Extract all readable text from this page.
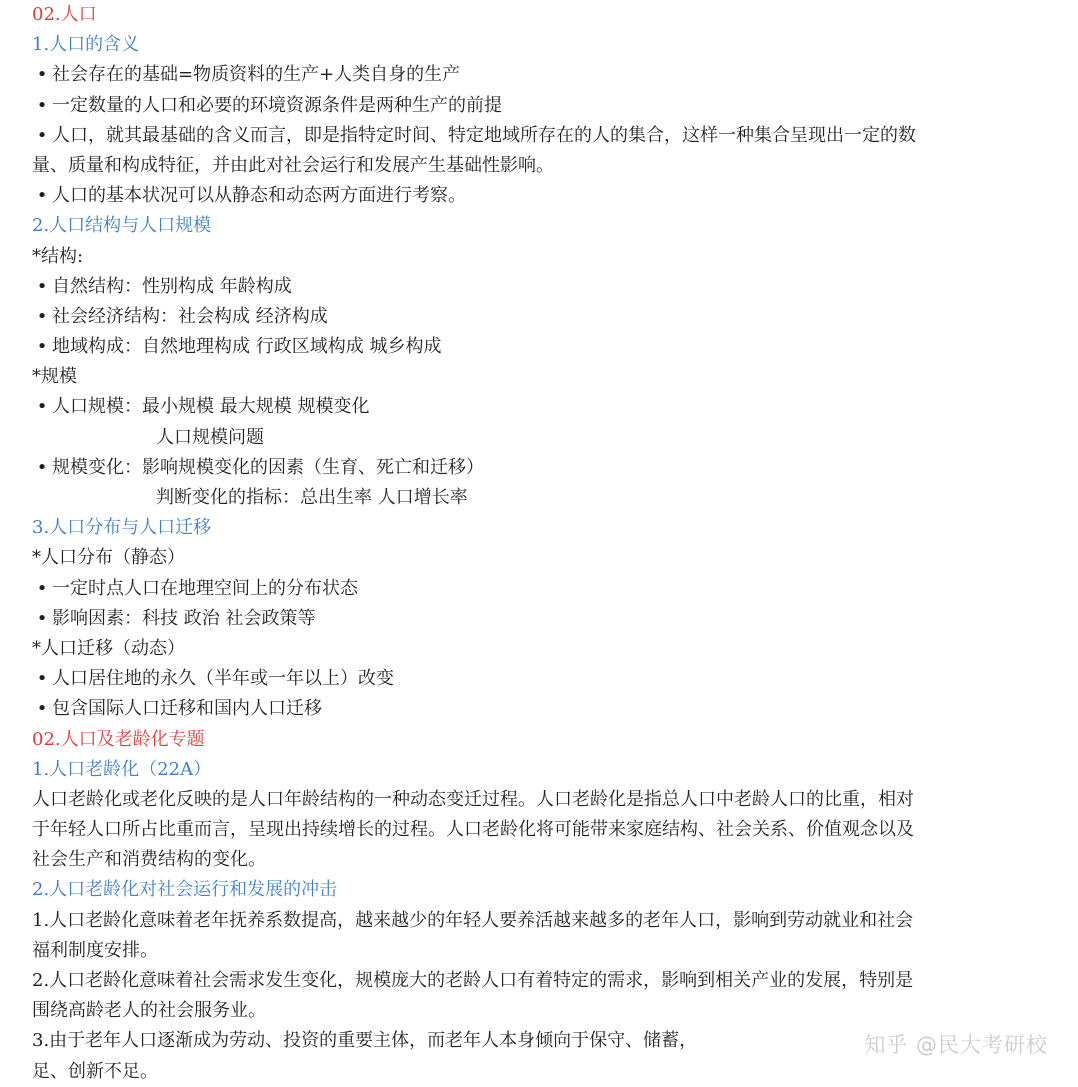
02.人口
1.人口的含义
• 社会存在的基础=物质资料的生产+人类自身的生产
• 一定数量的人口和必要的环境资源条件是两种生产的前提
• 人口，就其最基础的含义而言，即是指特定时间、特定地域所存在的人的集合，这样一种集合呈现出一定的数
量、质量和构成特征，并由此对社会运行和发展产生基础性影响。
• 人口的基本状况可以从静态和动态两方面进行考察。
2.人口结构与人口规模
*结构:
• 自然结构：性别构成 年龄构成
• 社会经济结构：社会构成 经济构成
• 地域构成：自然地理构成 行政区域构成 城乡构成
*规模
• 人口规模：最小规模 最大规模 规模变化
人口规模问题
• 规模变化：影响规模变化的因素（生育、死亡和迁移）
判断变化的指标：总出生率 人口增长率
3.人口分布与人口迁移
*人口分布（静态）
• 一定时点人口在地理空间上的分布状态
• 影响因素：科技 政治 社会政策等
*人口迁移（动态）
• 人口居住地的永久（半年或一年以上）改变
• 包含国际人口迁移和国内人口迁移
02.人口及老龄化专题
1.人口老龄化（22A）
人口老龄化或老化反映的是人口年龄结构的一种动态变迁过程。人口老龄化是指总人口中老龄人口的比重，相对
于年轻人口所占比重而言，呈现出持续增长的过程。人口老龄化将可能带来家庭结构、社会关系、价值观念以及
社会生产和消费结构的变化。
2.人口老龄化对社会运行和发展的冲击
1.人口老龄化意味着老年抚养系数提高，越来越少的年轻人要养活越来越多的老年人口，影响到劳动就业和社会
福利制度安排。
2.人口老龄化意味着社会需求发生变化，规模庞大的老龄人口有着特定的需求，影响到相关产业的发展，特别是
围绕高龄老人的社会服务业。
3.由于老年人口逐渐成为劳动、投资的重要主体，而老年人本身倾向于保守、储蓄，
足、创新不足。
知乎 @民大考研校
